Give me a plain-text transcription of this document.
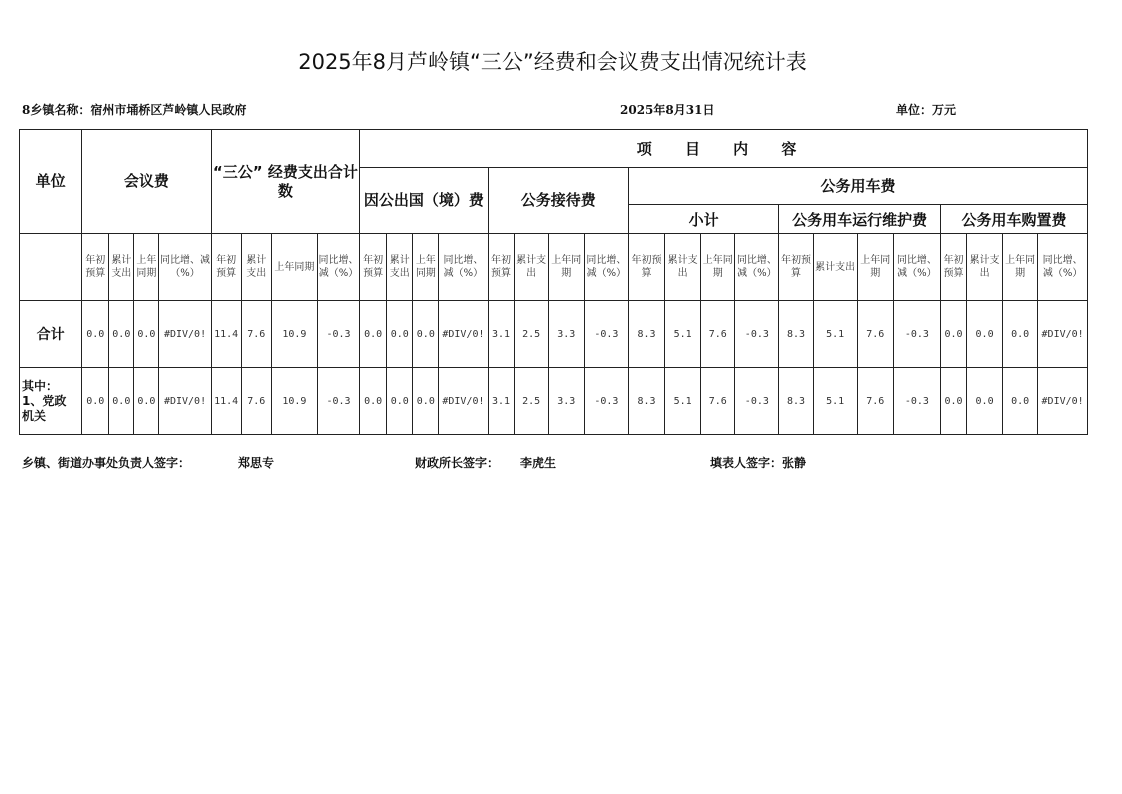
2025年8月芦岭镇“三公”经费和会议费支出情况统计表
8乡镇名称：宿州市埇桥区芦岭镇人民政府	2025年8月31日	单位：万元
单位	会议费				“三公” 经费支出合计数				项 目 内 容																			
									因公出国（境）费				公务接待费				公务用车费											
																	小计				公务用车运行维护费				公务用车购置费			
	年初预算	累计支出	上年同期	同比增、减（%）	年初预算	累计支出	上年同期	同比增、减（%）	年初预算	累计支出	上年同期	同比增、减（%）	年初预算	累计支出	上年同期	同比增、减（%）	年初预算	累计支出	上年同期	同比增、减（%）	年初预算	累计支出	上年同期	同比增、减（%）	年初预算	累计支出	上年同期	同比增、减（%）
合计	0.0	0.0	0.0	#DIV/0!	11.4	7.6	10.9	-0.3	0.0	0.0	0.0	#DIV/0!	3.1	2.5	3.3	-0.3	8.3	5.1	7.6	-0.3	8.3	5.1	7.6	-0.3	0.0	0.0	0.0	#DIV/0!

其中：
1、党政
机关	0.0	0.0	0.0	#DIV/0!	11.4	7.6	10.9	-0.3	0.0	0.0	0.0	#DIV/0!	3.1	2.5	3.3	-0.3	8.3	5.1	7.6	-0.3	8.3	5.1	7.6	-0.3	0.0	0.0	0.0	#DIV/0!
乡镇、街道办事处负责人签字：	郑思专	财政所长签字： 李虎生	填表人签字：张静
